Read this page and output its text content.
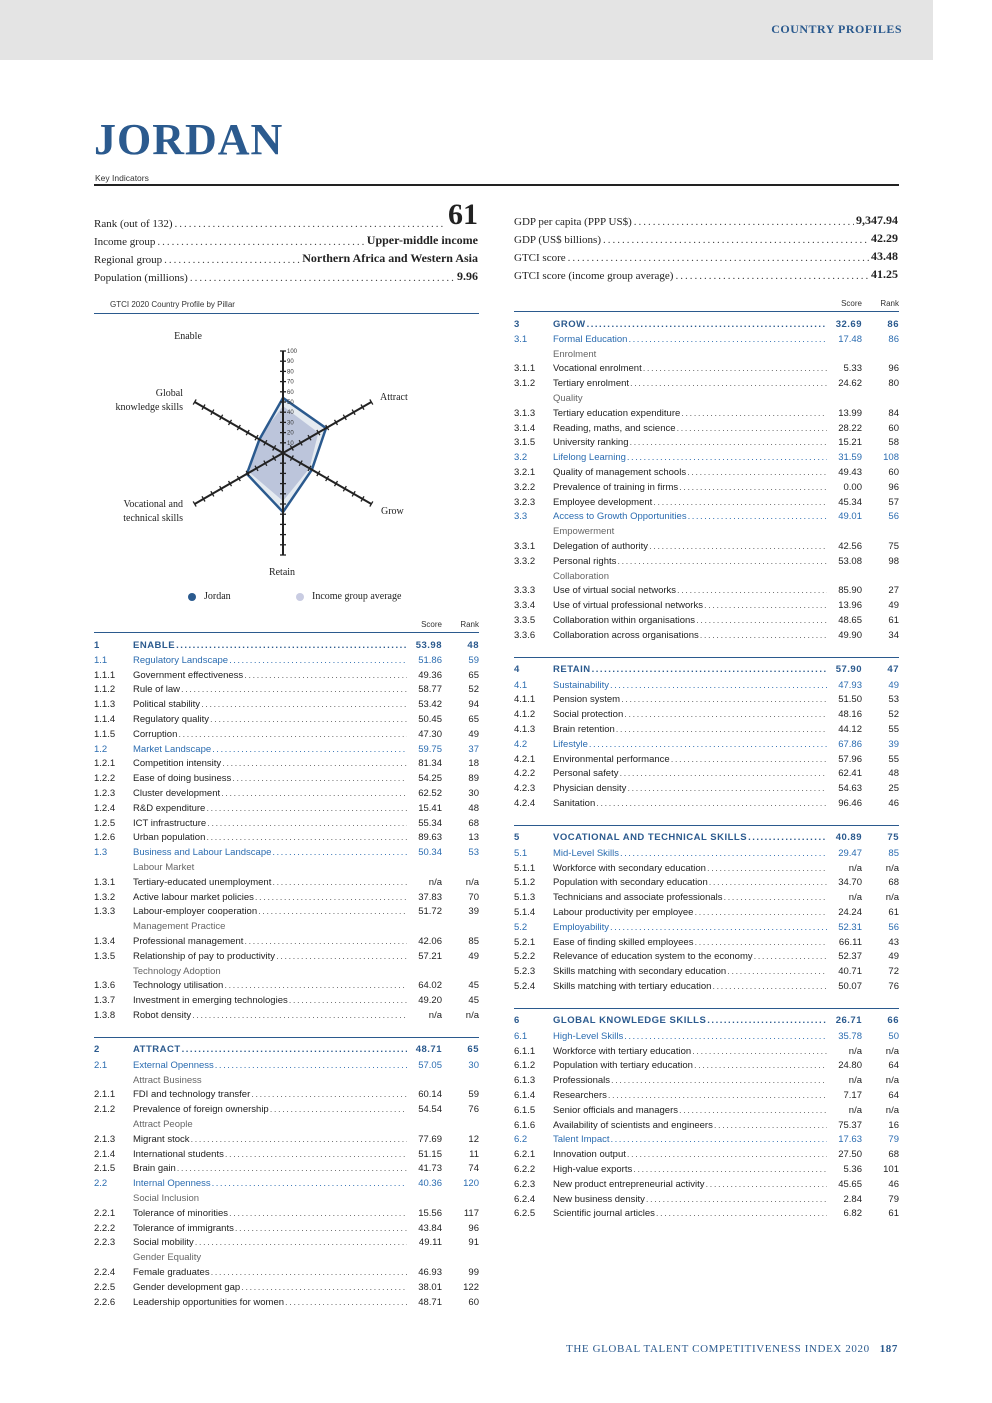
COUNTRY PROFILES
JORDAN
Key Indicators
Rank (out of 132) .....	61
Income group .....	Upper-middle income
Regional group .....	Northern Africa and Western Asia
Population (millions) .....	9.96
GDP per capita (PPP US$) .....	9,347.94
GDP (US$ billions) .....	42.29
GTCI score .....	43.48
GTCI score (income group average) .....	41.25
GTCI 2020 Country Profile by Pillar
10
20
30
40
50
60
70
80
90
100
Enable
Attract
Grow
Retain
Vocational and
technical skills
Global
knowledge skills
Jordan	Income group average
Score	Rank
1	ENABLE .....	53.98	48
1.1	Regulatory Landscape .....	51.86	59
1.1.1	Government effectiveness .....	49.36	65
1.1.2	Rule of law .....	58.77	52
1.1.3	Political stability .....	53.42	94
1.1.4	Regulatory quality .....	50.45	65
1.1.5	Corruption .....	47.30	49
1.2	Market Landscape .....	59.75	37
1.2.1	Competition intensity .....	81.34	18
1.2.2	Ease of doing business .....	54.25	89
1.2.3	Cluster development .....	62.52	30
1.2.4	R&D expenditure .....	15.41	48
1.2.5	ICT infrastructure .....	55.34	68
1.2.6	Urban population .....	89.63	13
1.3	Business and Labour Landscape .....	50.34	53
Labour Market
1.3.1	Tertiary-educated unemployment .....	n/a	n/a
1.3.2	Active labour market policies .....	37.83	70
1.3.3	Labour-employer cooperation .....	51.72	39
Management Practice
1.3.4	Professional management .....	42.06	85
1.3.5	Relationship of pay to productivity .....	57.21	49
Technology Adoption
1.3.6	Technology utilisation .....	64.02	45
1.3.7	Investment in emerging technologies .....	49.20	45
1.3.8	Robot density .....	n/a	n/a
2	ATTRACT .....	48.71	65
2.1	External Openness .....	57.05	30
Attract Business
2.1.1	FDI and technology transfer .....	60.14	59
2.1.2	Prevalence of foreign ownership .....	54.54	76
Attract People
2.1.3	Migrant stock .....	77.69	12
2.1.4	International students .....	51.15	11
2.1.5	Brain gain .....	41.73	74
2.2	Internal Openness .....	40.36	120
Social Inclusion
2.2.1	Tolerance of minorities .....	15.56	117
2.2.2	Tolerance of immigrants .....	43.84	96
2.2.3	Social mobility .....	49.11	91
Gender Equality
2.2.4	Female graduates .....	46.93	99
2.2.5	Gender development gap .....	38.01	122
2.2.6	Leadership opportunities for women .....	48.71	60
Score	Rank
3	GROW .....	32.69	86
3.1	Formal Education .....	17.48	86
Enrolment
3.1.1	Vocational enrolment .....	5.33	96
3.1.2	Tertiary enrolment .....	24.62	80
Quality
3.1.3	Tertiary education expenditure .....	13.99	84
3.1.4	Reading, maths, and science .....	28.22	60
3.1.5	University ranking .....	15.21	58
3.2	Lifelong Learning .....	31.59	108
3.2.1	Quality of management schools .....	49.43	60
3.2.2	Prevalence of training in firms .....	0.00	96
3.2.3	Employee development .....	45.34	57
3.3	Access to Growth Opportunities .....	49.01	56
Empowerment
3.3.1	Delegation of authority .....	42.56	75
3.3.2	Personal rights .....	53.08	98
Collaboration
3.3.3	Use of virtual social networks .....	85.90	27
3.3.4	Use of virtual professional networks .....	13.96	49
3.3.5	Collaboration within organisations .....	48.65	61
3.3.6	Collaboration across organisations .....	49.90	34
4	RETAIN .....	57.90	47
4.1	Sustainability .....	47.93	49
4.1.1	Pension system .....	51.50	53
4.1.2	Social protection .....	48.16	52
4.1.3	Brain retention .....	44.12	55
4.2	Lifestyle .....	67.86	39
4.2.1	Environmental performance .....	57.96	55
4.2.2	Personal safety .....	62.41	48
4.2.3	Physician density .....	54.63	25
4.2.4	Sanitation .....	96.46	46
5	VOCATIONAL AND TECHNICAL SKILLS .....	40.89	75
5.1	Mid-Level Skills .....	29.47	85
5.1.1	Workforce with secondary education .....	n/a	n/a
5.1.2	Population with secondary education .....	34.70	68
5.1.3	Technicians and associate professionals .....	n/a	n/a
5.1.4	Labour productivity per employee .....	24.24	61
5.2	Employability .....	52.31	56
5.2.1	Ease of finding skilled employees .....	66.11	43
5.2.2	Relevance of education system to the economy .....	52.37	49
5.2.3	Skills matching with secondary education .....	40.71	72
5.2.4	Skills matching with tertiary education .....	50.07	76
6	GLOBAL KNOWLEDGE SKILLS .....	26.71	66
6.1	High-Level Skills .....	35.78	50
6.1.1	Workforce with tertiary education .....	n/a	n/a
6.1.2	Population with tertiary education .....	24.80	64
6.1.3	Professionals .....	n/a	n/a
6.1.4	Researchers .....	7.17	64
6.1.5	Senior officials and managers .....	n/a	n/a
6.1.6	Availability of scientists and engineers .....	75.37	16
6.2	Talent Impact .....	17.63	79
6.2.1	Innovation output .....	27.50	68
6.2.2	High-value exports .....	5.36	101
6.2.3	New product entrepreneurial activity .....	45.65	46
6.2.4	New business density .....	2.84	79
6.2.5	Scientific journal articles .....	6.82	61
THE GLOBAL TALENT COMPETITIVENESS INDEX 2020 187
